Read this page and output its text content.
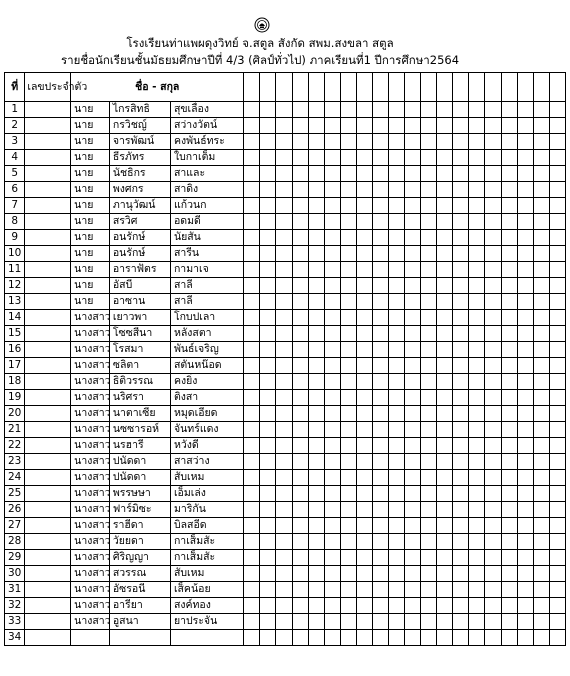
โรงเรียนท่าแพผดุงวิทย์ จ.สตูล สังกัด สพม.สงขลา สตูล
รายชื่อนักเรียนชั้นมัธยมศึกษาปีที่ 4/3 (ศิลป์ทั่วไป) ภาคเรียนที่1 ปีการศึกษา2564
ที่	เลขประจำตัว	ชื่อ - สกุล																						
1		นาย	ไกรสิทธิ	สุขเลื่อง																				
2		นาย	กรวิชญ์	สว่างวัตน์																				
3		นาย	จารพัฒน์	คงพันธ์ทระ																				
4		นาย	ธีรภัทร	ใบกาเต็ม																				
5		นาย	นัชธิกร	สาและ																				
6		นาย	พงศกร	สาดิง																				
7		นาย	ภานุวัฒน์	แก้วนก																				
8		นาย	สรวิศ	อดมดี																				
9		นาย	อนรักษ์	นัยสัน																				
10		นาย	อนรักษ์	สารีน																				
11		นาย	อาราฟัตร	กามาเจ																				
12		นาย	อัสบี	สาลี																				
13		นาย	อาซาน	สาลี																				
14		นางสาว	เยาวพา	โกบปเลา																				
15		นางสาว	โซซสีนา	หลังสตา																				
16		นางสาว	โรสมา	พันธ์เจริญ																				
17		นางสาว	ซลิตา	สตันหน๊อด																				
18		นางสาว	ธิติวรรณ	คงยิ่ง																				
19		นางสาว	นริศรา	ติงสา																				
20		นางสาว	นาตาเซีย	หมุดเอียด																				
21		นางสาว	นซซารอห์	จันทร์แดง																				
22		นางสาว	นรฮารี	หวังดี																				
23		นางสาว	ปนัดดา	สาสว่าง																				
24		นางสาว	ปนัดดา	สับเหม																				
25		นางสาว	พรรษษา	เอ็มเล่ง																				
26		นางสาว	ฟาร์มิซะ	มาริกัน																				
27		นางสาว	ราฮีดา	บิลสอีด																				
28		นางสาว	วัยยดา	กาเส็มสัะ																				
29		นางสาว	ศิริญญา	กาเส็มสัะ																				
30		นางสาว	สวรรณ	สับเหม																				
31		นางสาว	อัซรอนี	เส็คน้อย																				
32		นางสาว	อารียา	สงค์ทอง																				
33		นางสาว	อูสนา	ยาประจัน																				
34																								
